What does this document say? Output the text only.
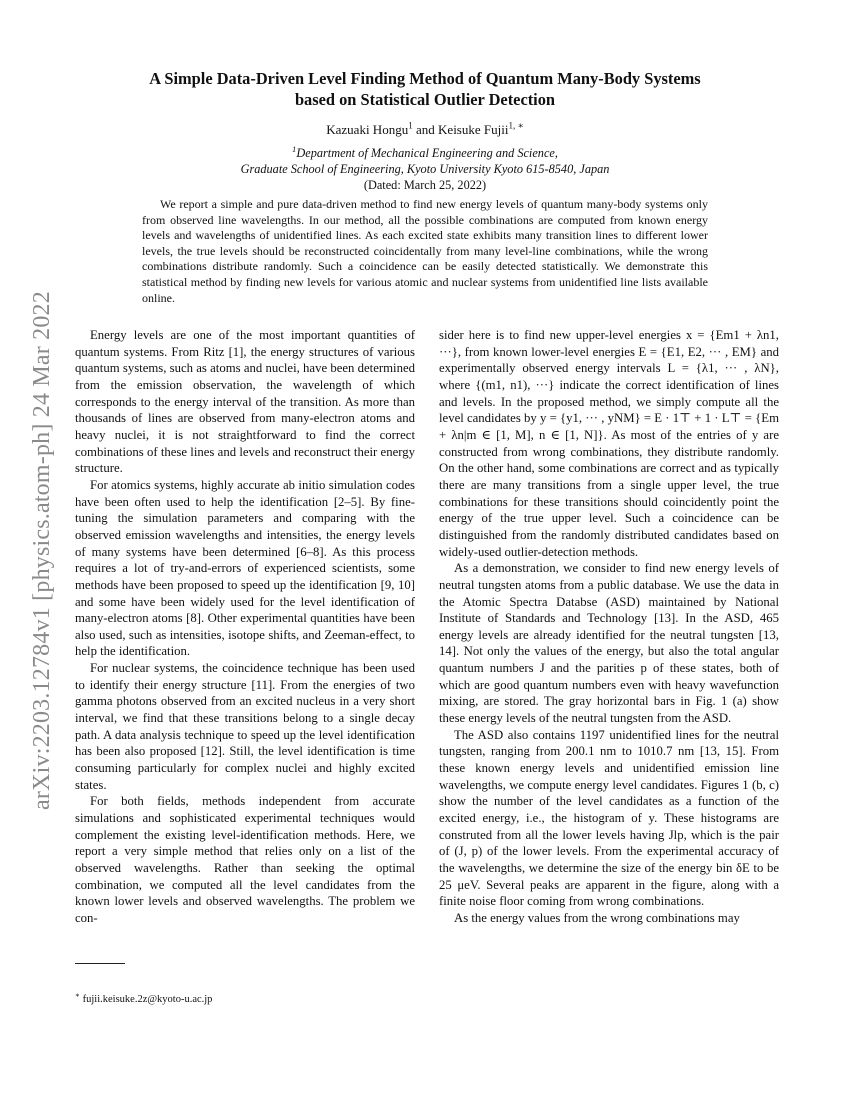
arXiv:2203.12784v1 [physics.atom-ph] 24 Mar 2022
A Simple Data-Driven Level Finding Method of Quantum Many-Body Systems
based on Statistical Outlier Detection
Kazuaki Hongu$^1$ and Keisuke Fujii$^{1, ∗}$
$^1$Department of Mechanical Engineering and Science,
Graduate School of Engineering, Kyoto University Kyoto 615-8540, Japan
(Dated: March 25, 2022)

We report a simple and pure data-driven method to find new energy levels of quantum many-body systems only from observed line wavelengths. In our method, all the possible combinations are computed from known energy levels and wavelengths of unidentified lines. As each excited state exhibits many transition lines to different lower levels, the true levels should be reconstructed coincidentally from many level-line combinations, while the wrong combinations distribute randomly. Such a coincidence can be easily detected statistically. We demonstrate this statistical method by finding new levels for various atomic and nuclear systems from unidentified line lists available online.

Energy levels are one of the most important quantities of quantum systems. From Ritz [1], the energy structures of various quantum systems, such as atoms and nuclei, have been determined from the emission observation, the wavelength of which corresponds to the energy interval of the transition. As more than thousands of lines are observed from many-electron atoms and heavy nuclei, it is not straightforward to find the correct combinations of these lines and levels and reconstruct their energy structure.

For atomics systems, highly accurate ab initio simulation codes have been often used to help the identification [2–5]. By fine-tuning the simulation parameters and comparing with the observed emission wavelengths and intensities, the energy levels of many systems have been determined [6–8]. As this process requires a lot of try-and-errors of experienced scientists, some methods have been proposed to speed up the identification [9, 10] and some have been widely used for the level identification of many-electron atoms [8]. Other experimental quantities have been also used, such as intensities, isotope shifts, and Zeeman-effect, to help the identification.

For nuclear systems, the coincidence technique has been used to identify their energy structure [11]. From the energies of two gamma photons observed from an excited nucleus in a very short interval, we find that these transitions belong to a single decay path. A data analysis technique to speed up the level identification has been also proposed [12]. Still, the level identification is time consuming particularly for complex nuclei and highly excited states.

For both fields, methods independent from accurate simulations and sophisticated experimental techniques would complement the existing level-identification methods. Here, we report a very simple method that relies only on a list of the observed wavelengths. Rather than seeking the optimal combination, we computed all the level candidates from the known lower levels and observed wavelengths. The problem we con-

sider here is to find new upper-level energies x = {Em1 + λn1, ···}, from known lower-level energies E = {E1, E2, ··· , EM} and experimentally observed energy intervals L = {λ1, ··· , λN}, where {(m1, n1), ···} indicate the correct identification of lines and levels. In the proposed method, we simply compute all the level candidates by y = {y1, ··· , yNM} = E · 1⊤ + 1 · L⊤ = {Em + λn|m ∈ [1, M], n ∈ [1, N]}. As most of the entries of y are constructed from wrong combinations, they distribute randomly. On the other hand, some combinations are correct and as typically there are many transitions from a single upper level, the true combinations for these transitions should coincidently point the energy of the true upper level. Such a coincidence can be distinguished from the randomly distributed candidates based on widely-used outlier-detection methods.

As a demonstration, we consider to find new energy levels of neutral tungsten atoms from a public database. We use the data in the Atomic Spectra Databse (ASD) maintained by National Institute of Standards and Technology [13]. In the ASD, 465 energy levels are already identified for the neutral tungsten [13, 14]. Not only the values of the energy, but also the total angular quantum numbers J and the parities p of these states, both of which are good quantum numbers even with heavy wavefunction mixing, are stored. The gray horizontal bars in Fig. 1 (a) show these energy levels of the neutral tungsten from the ASD.

The ASD also contains 1197 unidentified lines for the neutral tungsten, ranging from 200.1 nm to 1010.7 nm [13, 15]. From these known energy levels and unidentified emission line wavelengths, we compute energy level candidates. Figures 1 (b, c) show the number of the level candidates as a function of the excited energy, i.e., the histogram of y. These histograms are construted from all the lower levels having Jlp, which is the pair of (J, p) of the lower levels. From the experimental accuracy of the wavelengths, we determine the size of the energy bin δE to be 25 μeV. Several peaks are apparent in the figure, along with a finite noise floor coming from wrong combinations.

As the energy values from the wrong combinations may

∗ fujii.keisuke.2z@kyoto-u.ac.jp
